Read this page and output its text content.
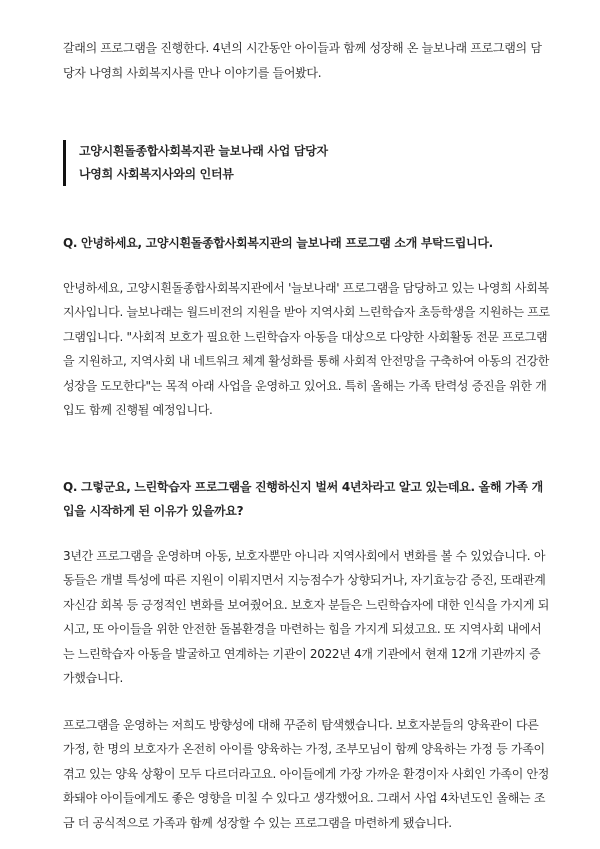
갈래의 프로그램을 진행한다. 4년의 시간동안 아이들과 함께 성장해 온 늘보나래 프로그램의 담당자 나영희 사회복지사를 만나 이야기를 들어봤다.

고양시흰돌종합사회복지관 늘보나래 사업 담당자

나영희 사회복지사와의 인터뷰

Q. 안녕하세요, 고양시흰돌종합사회복지관의 늘보나래 프로그램 소개 부탁드립니다.

안녕하세요, 고양시흰돌종합사회복지관에서 '늘보나래' 프로그램을 담당하고 있는 나영희 사회복지사입니다. 늘보나래는 월드비전의 지원을 받아 지역사회 느린학습자 초등학생을 지원하는 프로그램입니다. "사회적 보호가 필요한 느린학습자 아동을 대상으로 다양한 사회활동 전문 프로그램을 지원하고, 지역사회 내 네트워크 체계 활성화를 통해 사회적 안전망을 구축하여 아동의 건강한 성장을 도모한다"는 목적 아래 사업을 운영하고 있어요. 특히 올해는 가족 탄력성 증진을 위한 개입도 함께 진행될 예정입니다.

Q. 그렇군요, 느린학습자 프로그램을 진행하신지 벌써 4년차라고 알고 있는데요. 올해 가족 개입을 시작하게 된 이유가 있을까요?

3년간 프로그램을 운영하며 아동, 보호자뿐만 아니라 지역사회에서 변화를 볼 수 있었습니다. 아동들은 개별 특성에 따른 지원이 이뤄지면서 지능점수가 상향되거나, 자기효능감 증진, 또래관계 자신감 회복 등 긍정적인 변화를 보여줬어요. 보호자 분들은 느린학습자에 대한 인식을 가지게 되시고, 또 아이들을 위한 안전한 돌봄환경을 마련하는 힘을 가지게 되셨고요. 또 지역사회 내에서는 느린학습자 아동을 발굴하고 연계하는 기관이 2022년 4개 기관에서 현재 12개 기관까지 증가했습니다.

프로그램을 운영하는 저희도 방향성에 대해 꾸준히 탐색했습니다. 보호자분들의 양육관이 다른 가정, 한 명의 보호자가 온전히 아이를 양육하는 가정, 조부모님이 함께 양육하는 가정 등 가족이 겪고 있는 양육 상황이 모두 다르더라고요. 아이들에게 가장 가까운 환경이자 사회인 가족이 안정화돼야 아이들에게도 좋은 영향을 미칠 수 있다고 생각했어요. 그래서 사업 4차년도인 올해는 조금 더 공식적으로 가족과 함께 성장할 수 있는 프로그램을 마련하게 됐습니다.
